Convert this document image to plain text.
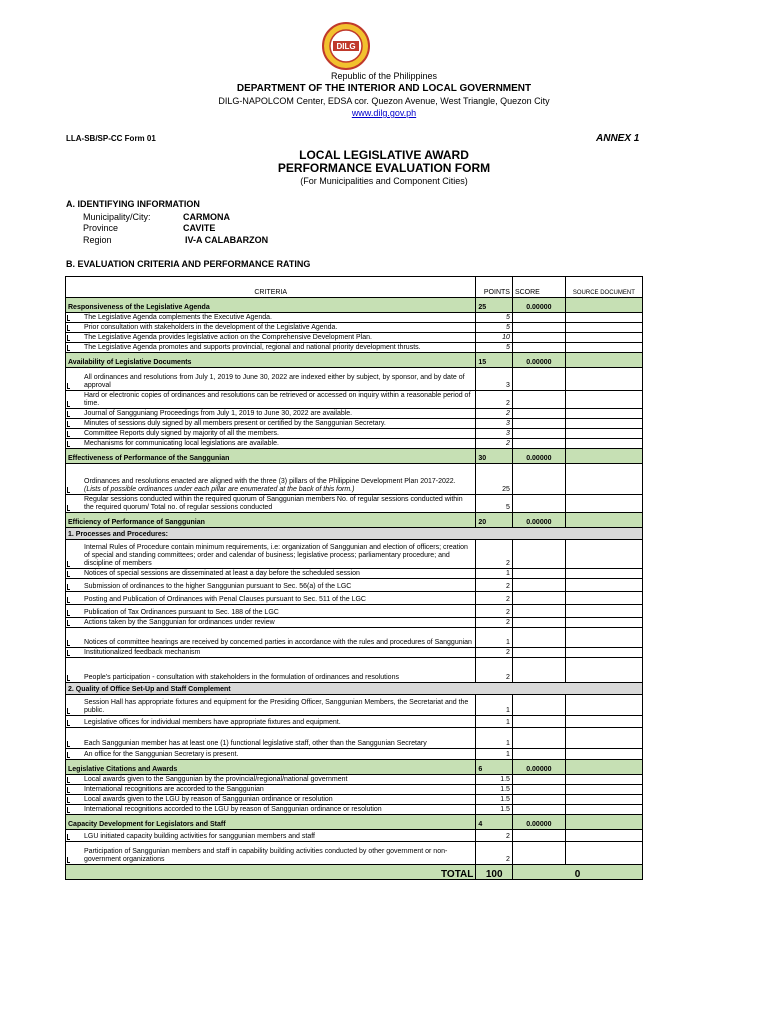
DILG
Republic of the Philippines
DEPARTMENT OF THE INTERIOR AND LOCAL GOVERNMENT
DILG-NAPOLCOM Center, EDSA cor. Quezon Avenue, West Triangle, Quezon City
www.dilg.gov.ph
LLA-SB/SP-CC Form 01	ANNEX 1
LOCAL LEGISLATIVE AWARD
PERFORMANCE EVALUATION FORM
(For Municipalities and Component Cities)
A. IDENTIFYING INFORMATION
Municipality/City:	CARMONA
Province	CAVITE
Region	IV-A CALABARZON
B. EVALUATION CRITERIA AND PERFORMANCE RATING
CRITERIA	POINTS	SCORE	SOURCE DOCUMENT
Responsiveness of the Legislative Agenda	25	0.00000	

The Legislative Agenda complements the Executive Agenda.	5		

Prior consultation with stakeholders in the development of the Legislative Agenda.	5		

The Legislative Agenda provides legislative action on the Comprehensive Development Plan.	10		

The Legislative Agenda promotes and supports provincial, regional and national priority development thrusts.	5		
Availability of Legislative Documents	15	0.00000	

All ordinances and resolutions from July 1, 2019 to June 30, 2022 are indexed either by subject, by sponsor, and by date of approval	3		

Hard or electronic copies of ordinances and resolutions can be retrieved or accessed on inquiry within a reasonable period of time.	2		

Journal of Sangguniang Proceedings from July 1, 2019 to June 30, 2022 are available.	2		

Minutes of sessions duly signed by all members present or certified by the Sanggunian Secretary.	3		

Committee Reports duly signed by majority of all the members.	3		

Mechanisms for communicating local legislations are available.	2		
Effectiveness of Performance of the Sanggunian	30	0.00000	

Ordinances and resolutions enacted are aligned with the three (3) pillars of the Philippine Development Plan 2017-2022.
(Lists of possible ordinances under each pillar are enumerated at the back of this form.)	25		

Regular sessions conducted within the required quorum of Sanggunian members No. of regular sessions conducted within the required quorum/ Total no. of regular sessions conducted	5		
Efficiency of Performance of Sanggunian	20	0.00000	
1. Processes and Procedures:			

Internal Rules of Procedure contain minimum requirements, i.e: organization of Sanggunian and election of officers; creation of special and standing committees; order and calendar of business; legislative process; parliamentary procedure; and discipline of members	2		

Notices of special sessions are disseminated at least a day before the scheduled session	1		

Submission of ordinances to the higher Sanggunian pursuant to Sec. 56(a) of the LGC	2		

Posting and Publication of Ordinances with Penal Clauses pursuant to Sec. 511 of the LGC	2		

Publication of Tax Ordinances pursuant to Sec. 188 of the LGC	2		

Actions taken by the Sanggunian for ordinances under review	2		

Notices of committee hearings are received by concerned parties in accordance with the rules and procedures of Sanggunian	1		

Institutionalized feedback mechanism	2		

People's participation - consultation with stakeholders in the formulation of ordinances and resolutions	2		
2. Quality of Office Set-Up and Staff Complement			

Session Hall has appropriate fixtures and equipment for the Presiding Officer, Sanggunian Members, the Secretariat and the public.	1		

Legislative offices for individual members have appropriate fixtures and equipment.	1		

Each Sanggunian member has at least one (1) functional legislative staff, other than the Sanggunian Secretary	1		

An office for the Sanggunian Secretary is present.	1		
Legislative Citations and Awards	6	0.00000	

Local awards given to the Sanggunian by the provincial/regional/national government	1.5		

International recognitions are accorded to the Sanggunian	1.5		

Local awards given to the LGU by reason of Sanggunian ordinance or resolution	1.5		

International recognitions accorded to the LGU by reason of Sanggunian ordinance or resolution	1.5		
Capacity Development for Legislators and Staff	4	0.00000	

LGU initiated capacity building activities for sanggunian members and staff	2		

Participation of Sanggunian members and staff in capability building activities conducted by other government or non-government organizations	2		
TOTAL	100	0	
